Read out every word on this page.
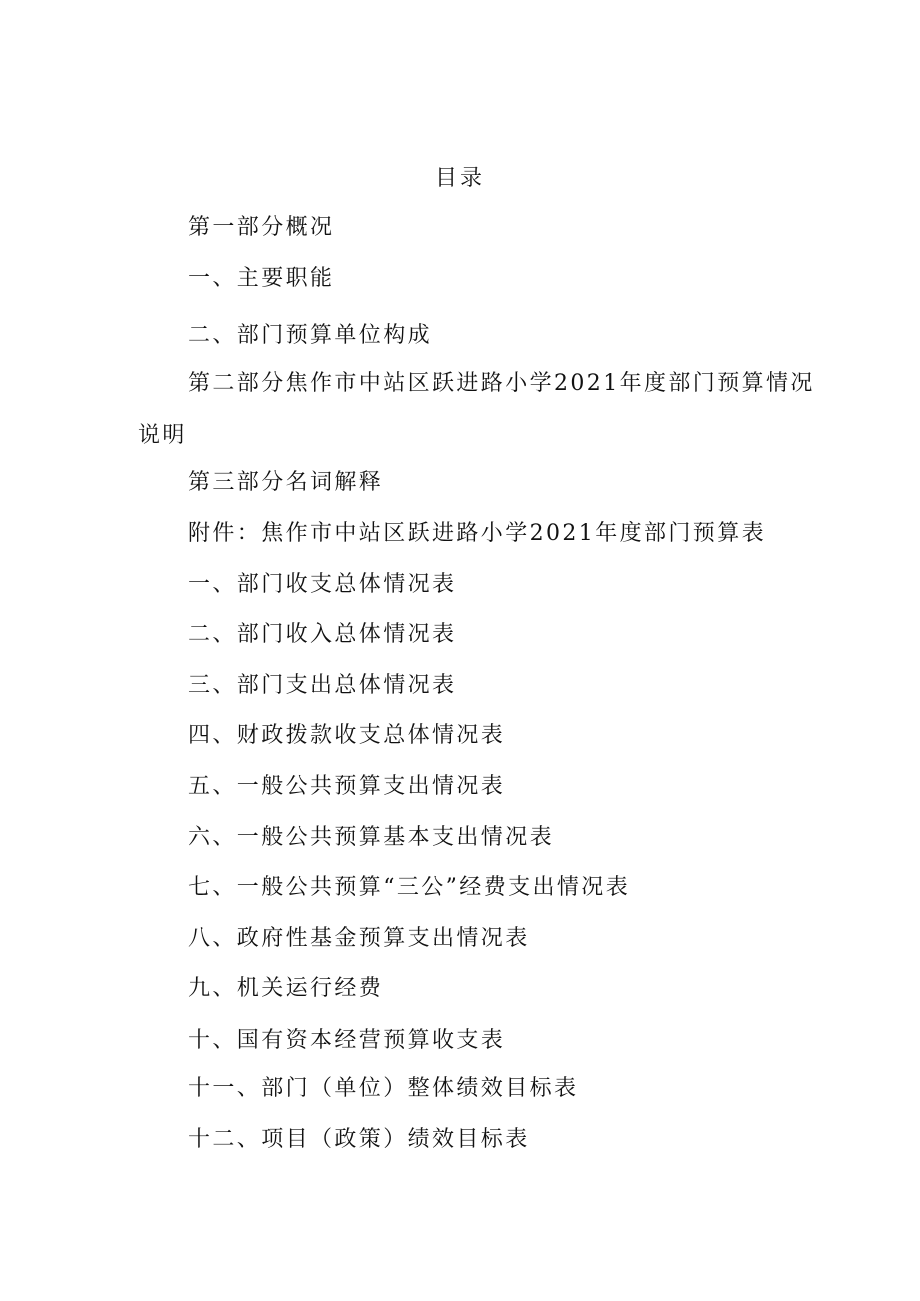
目录
第一部分概况
一、主要职能
二、部门预算单位构成
第二部分焦作市中站区跃进路小学2021年度部门预算情况
说明
第三部分名词解释
附件：焦作市中站区跃进路小学2021年度部门预算表
一、部门收支总体情况表
二、部门收入总体情况表
三、部门支出总体情况表
四、财政拨款收支总体情况表
五、一般公共预算支出情况表
六、一般公共预算基本支出情况表
七、一般公共预算“三公”经费支出情况表
八、政府性基金预算支出情况表
九、机关运行经费
十、国有资本经营预算收支表
十一、部门（单位）整体绩效目标表
十二、项目（政策）绩效目标表
